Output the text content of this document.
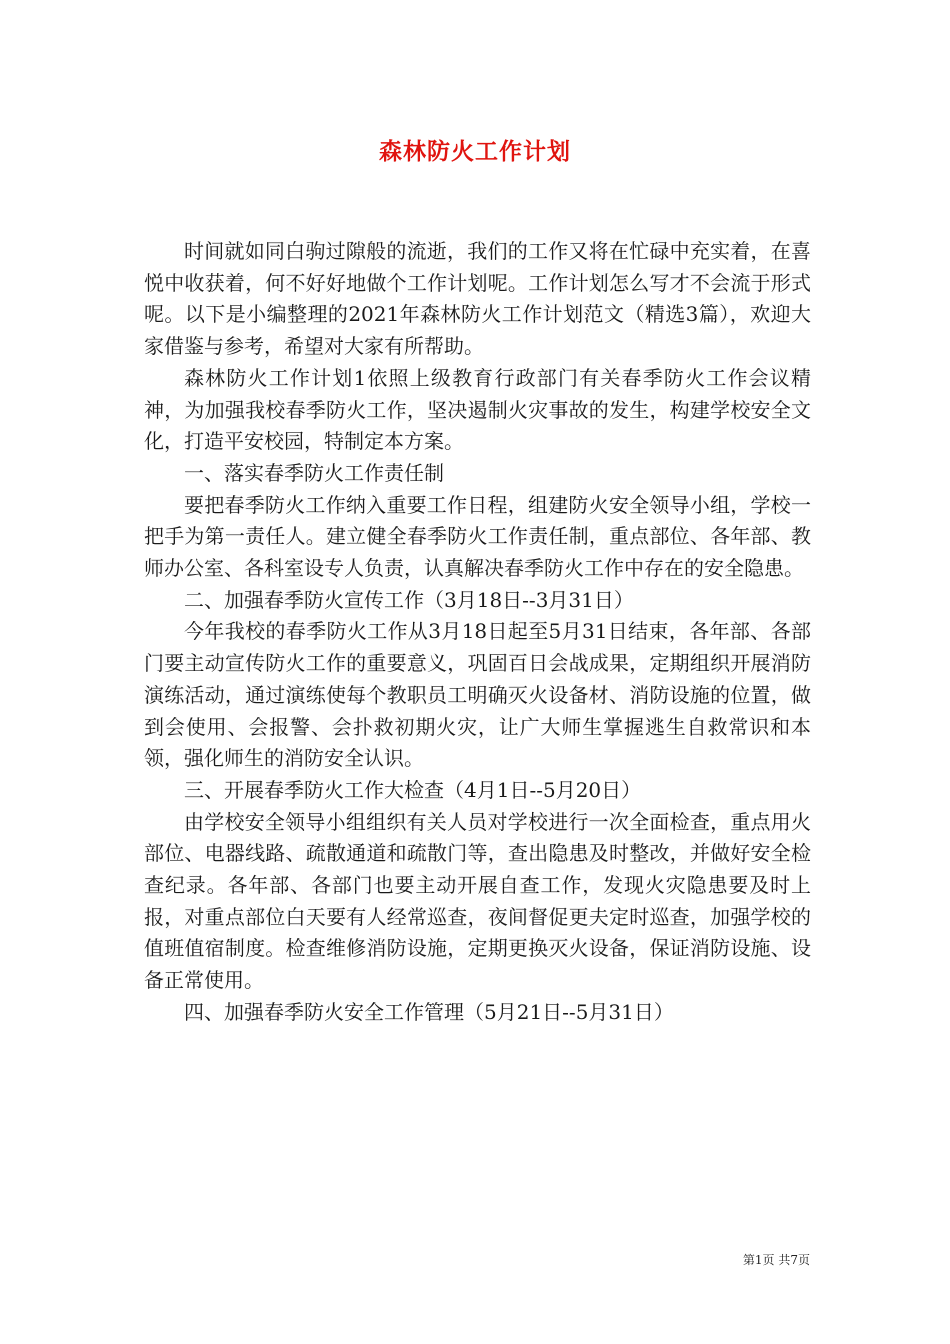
森林防火工作计划

时间就如同白驹过隙般的流逝，我们的工作又将在忙碌中充实着，在喜悦中收获着，何不好好地做个工作计划呢。工作计划怎么写才不会流于形式呢。以下是小编整理的2021年森林防火工作计划范文（精选3篇），欢迎大家借鉴与参考，希望对大家有所帮助。

森林防火工作计划1依照上级教育行政部门有关春季防火工作会议精神，为加强我校春季防火工作，坚决遏制火灾事故的发生，构建学校安全文化，打造平安校园，特制定本方案。

一、落实春季防火工作责任制

要把春季防火工作纳入重要工作日程，组建防火安全领导小组，学校一把手为第一责任人。建立健全春季防火工作责任制，重点部位、各年部、教师办公室、各科室设专人负责，认真解决春季防火工作中存在的安全隐患。

二、加强春季防火宣传工作（3月18日--3月31日）

今年我校的春季防火工作从3月18日起至5月31日结束，各年部、各部门要主动宣传防火工作的重要意义，巩固百日会战成果，定期组织开展消防演练活动，通过演练使每个教职员工明确灭火设备材、消防设施的位置，做到会使用、会报警、会扑救初期火灾，让广大师生掌握逃生自救常识和本领，强化师生的消防安全认识。

三、开展春季防火工作大检查（4月1日--5月20日）

由学校安全领导小组组织有关人员对学校进行一次全面检查，重点用火部位、电器线路、疏散通道和疏散门等，查出隐患及时整改，并做好安全检查纪录。各年部、各部门也要主动开展自查工作，发现火灾隐患要及时上报，对重点部位白天要有人经常巡查，夜间督促更夫定时巡查，加强学校的值班值宿制度。检查维修消防设施，定期更换灭火设备，保证消防设施、设备正常使用。

四、加强春季防火安全工作管理（5月21日--5月31日）

第1页 共7页
